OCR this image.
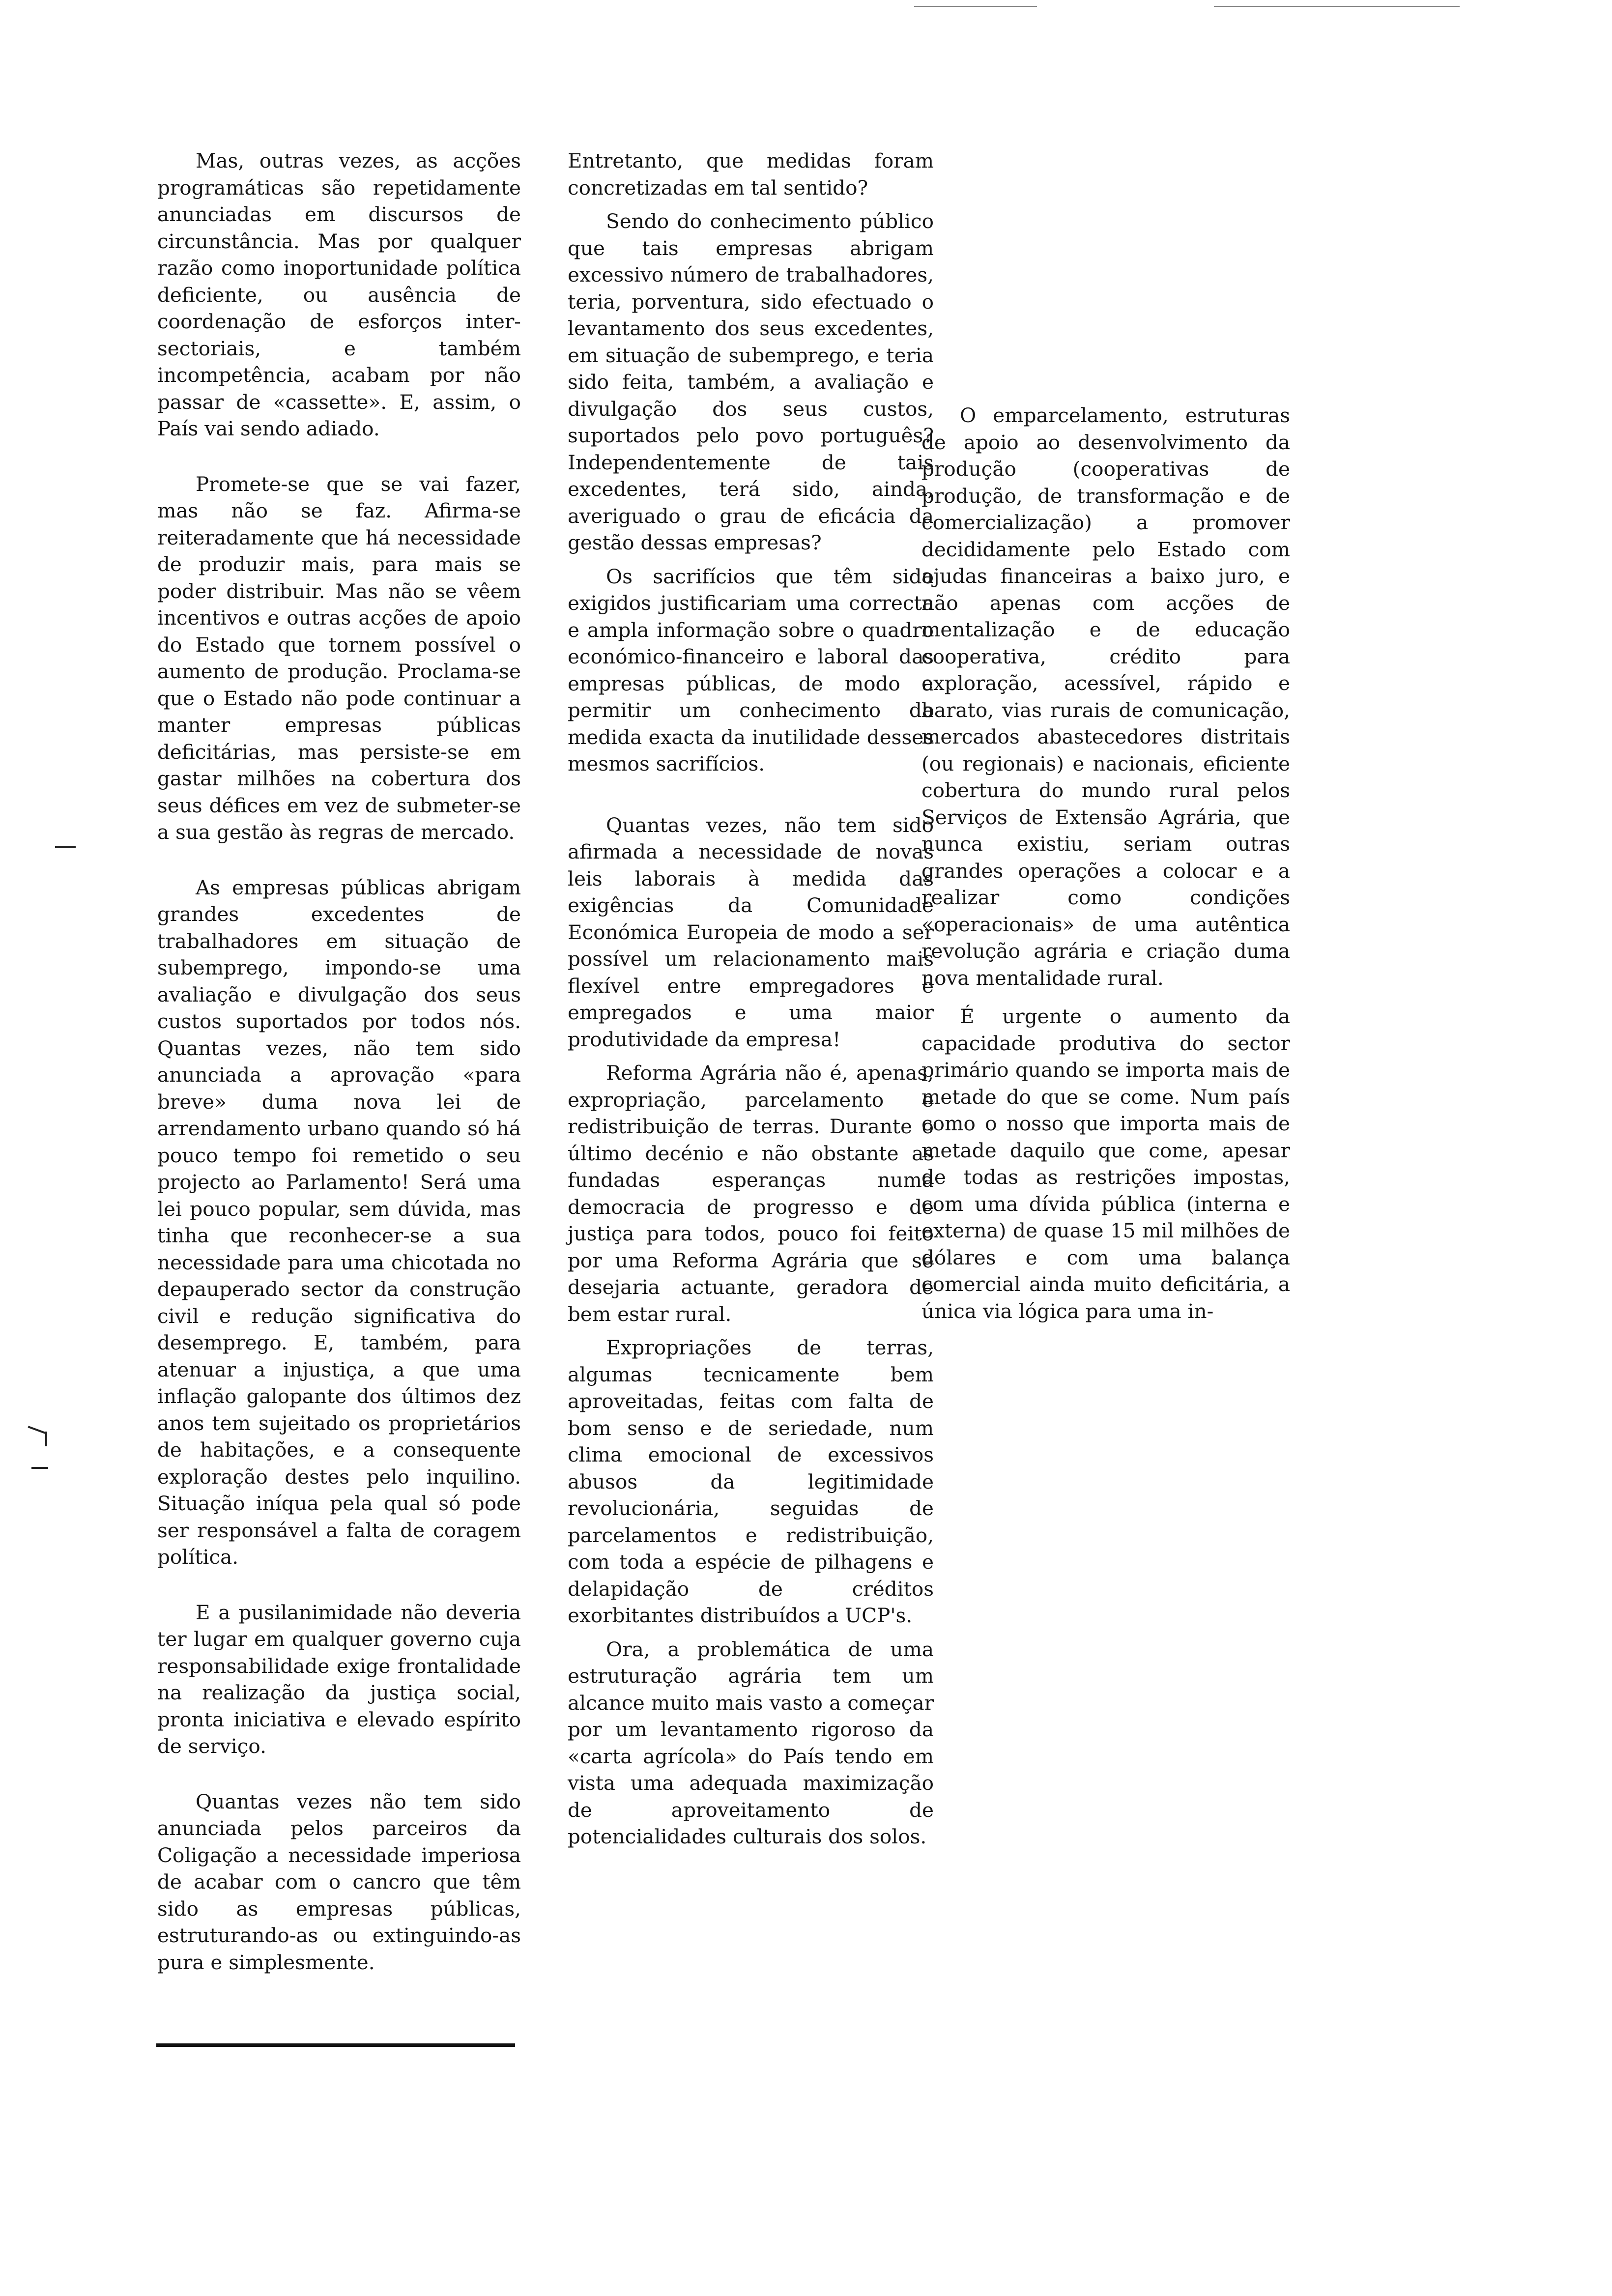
Mas, outras vezes, as acções programáticas são repetidamente anunciadas em discursos de circunstância. Mas por qualquer razão como inoportunidade política deficiente, ou ausência de coordenação de esforços inter-sectoriais, e também incompetência, acabam por não passar de «cassette». E, assim, o País vai sendo adiado.

Promete-se que se vai fazer, mas não se faz. Afirma-se reiteradamente que há necessidade de produzir mais, para mais se poder distribuir. Mas não se vêem incentivos e outras acções de apoio do Estado que tornem possível o aumento de produção. Proclama-se que o Estado não pode continuar a manter empresas públicas deficitárias, mas persiste-se em gastar milhões na cobertura dos seus défices em vez de submeter-se a sua gestão às regras de mercado.

As empresas públicas abrigam grandes excedentes de trabalhadores em situação de subemprego, impondo-se uma avaliação e divulgação dos seus custos suportados por todos nós. Quantas vezes, não tem sido anunciada a aprovação «para breve» duma nova lei de arrendamento urbano quando só há pouco tempo foi remetido o seu projecto ao Parlamento! Será uma lei pouco popular, sem dúvida, mas tinha que reconhecer-se a sua necessidade para uma chicotada no depauperado sector da construção civil e redução significativa do desemprego. E, também, para atenuar a injustiça, a que uma inflação galopante dos últimos dez anos tem sujeitado os proprietários de habitações, e a consequente exploração destes pelo inquilino. Situação iníqua pela qual só pode ser responsável a falta de coragem política.

E a pusilanimidade não deveria ter lugar em qualquer governo cuja responsabilidade exige frontalidade na realização da justiça social, pronta iniciativa e elevado espírito de serviço.

Quantas vezes não tem sido anunciada pelos parceiros da Coligação a necessidade imperiosa de acabar com o cancro que têm sido as empresas públicas, estruturando-as ou extinguindo-as pura e simplesmente.

Entretanto, que medidas foram concretizadas em tal sentido?

Sendo do conhecimento público que tais empresas abrigam excessivo número de trabalhadores, teria, porventura, sido efectuado o levantamento dos seus excedentes, em situação de subemprego, e teria sido feita, também, a avaliação e divulgação dos seus custos, suportados pelo povo português? Independentemente de tais excedentes, terá sido, ainda, averiguado o grau de eficácia da gestão dessas empresas?

Os sacrifícios que têm sido exigidos justificariam uma correcta e ampla informação sobre o quadro económico-financeiro e laboral das empresas públicas, de modo a permitir um conhecimento da medida exacta da inutilidade desses mesmos sacrifícios.

Quantas vezes, não tem sido afirmada a necessidade de novas leis laborais à medida das exigências da Comunidade Económica Europeia de modo a ser possível um relacionamento mais flexível entre empregadores e empregados e uma maior produtividade da empresa!

Reforma Agrária não é, apenas, expropriação, parcelamento e redistribuição de terras. Durante o último decénio e não obstante as fundadas esperanças numa democracia de progresso e de justiça para todos, pouco foi feito por uma Reforma Agrária que se desejaria actuante, geradora de bem estar rural.

Expropriações de terras, algumas tecnicamente bem aproveitadas, feitas com falta de bom senso e de seriedade, num clima emocional de excessivos abusos da legitimidade revolucionária, seguidas de parcelamentos e redistribuição, com toda a espécie de pilhagens e delapidação de créditos exorbitantes distribuídos a UCP's.

Ora, a problemática de uma estruturação agrária tem um alcance muito mais vasto a começar por um levantamento rigoroso da «carta agrícola» do País tendo em vista uma adequada maximização de aproveitamento de potencialidades culturais dos solos.

O emparcelamento, estruturas de apoio ao desenvolvimento da produção (cooperativas de produção, de transformação e de comercialização) a promover decididamente pelo Estado com ajudas financeiras a baixo juro, e não apenas com acções de mentalização e de educação cooperativa, crédito para exploração, acessível, rápido e barato, vias rurais de comunicação, mercados abastecedores distritais (ou regionais) e nacionais, eficiente cobertura do mundo rural pelos Serviços de Extensão Agrária, que nunca existiu, seriam outras grandes operações a colocar e a realizar como condições «operacionais» de uma autêntica revolução agrária e criação duma nova mentalidade rural.

É urgente o aumento da capacidade produtiva do sector primário quando se importa mais de metade do que se come. Num país como o nosso que importa mais de metade daquilo que come, apesar de todas as restrições impostas, com uma dívida pública (interna e externa) de quase 15 mil milhões de dólares e com uma balança comercial ainda muito deficitária, a única via lógica para uma in-
